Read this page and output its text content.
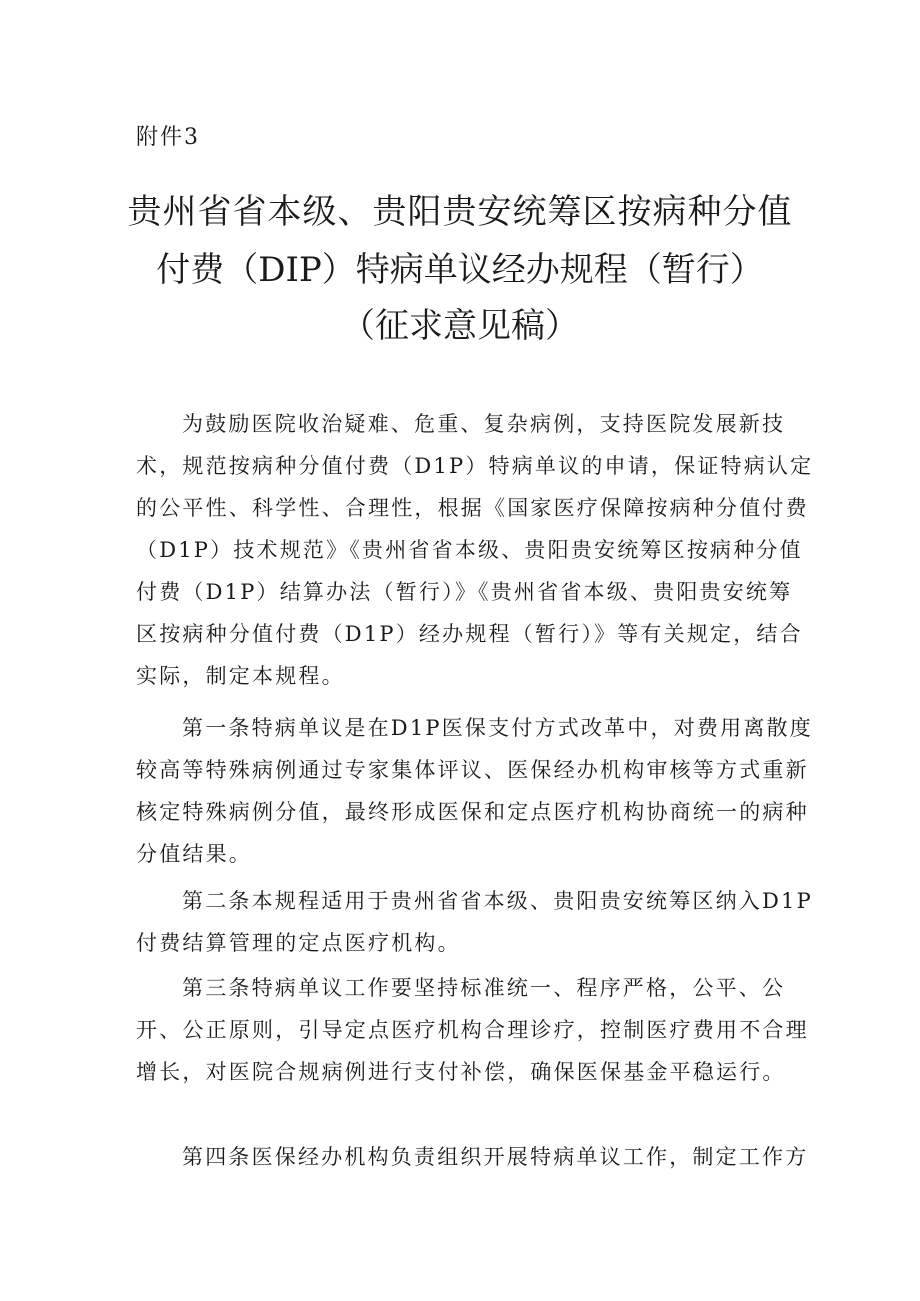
附件3
贵州省省本级、贵阳贵安统筹区按病种分值
付费（DIP）特病单议经办规程（暂行）
（征求意见稿）
为鼓励医院收治疑难、危重、复杂病例，支持医院发展新技
术，规范按病种分值付费（D1P）特病单议的申请，保证特病认定
的公平性、科学性、合理性，根据《国家医疗保障按病种分值付费
（D1P）技术规范》《贵州省省本级、贵阳贵安统筹区按病种分值
付费（D1P）结算办法（暂行）》《贵州省省本级、贵阳贵安统筹
区按病种分值付费（D1P）经办规程（暂行）》等有关规定，结合
实际，制定本规程。
第一条特病单议是在D1P医保支付方式改革中，对费用离散度
较高等特殊病例通过专家集体评议、医保经办机构审核等方式重新
核定特殊病例分值，最终形成医保和定点医疗机构协商统一的病种
分值结果。
第二条本规程适用于贵州省省本级、贵阳贵安统筹区纳入D1P
付费结算管理的定点医疗机构。
第三条特病单议工作要坚持标准统一、程序严格，公平、公
开、公正原则，引导定点医疗机构合理诊疗，控制医疗费用不合理
增长，对医院合规病例进行支付补偿，确保医保基金平稳运行。
第四条医保经办机构负责组织开展特病单议工作，制定工作方
